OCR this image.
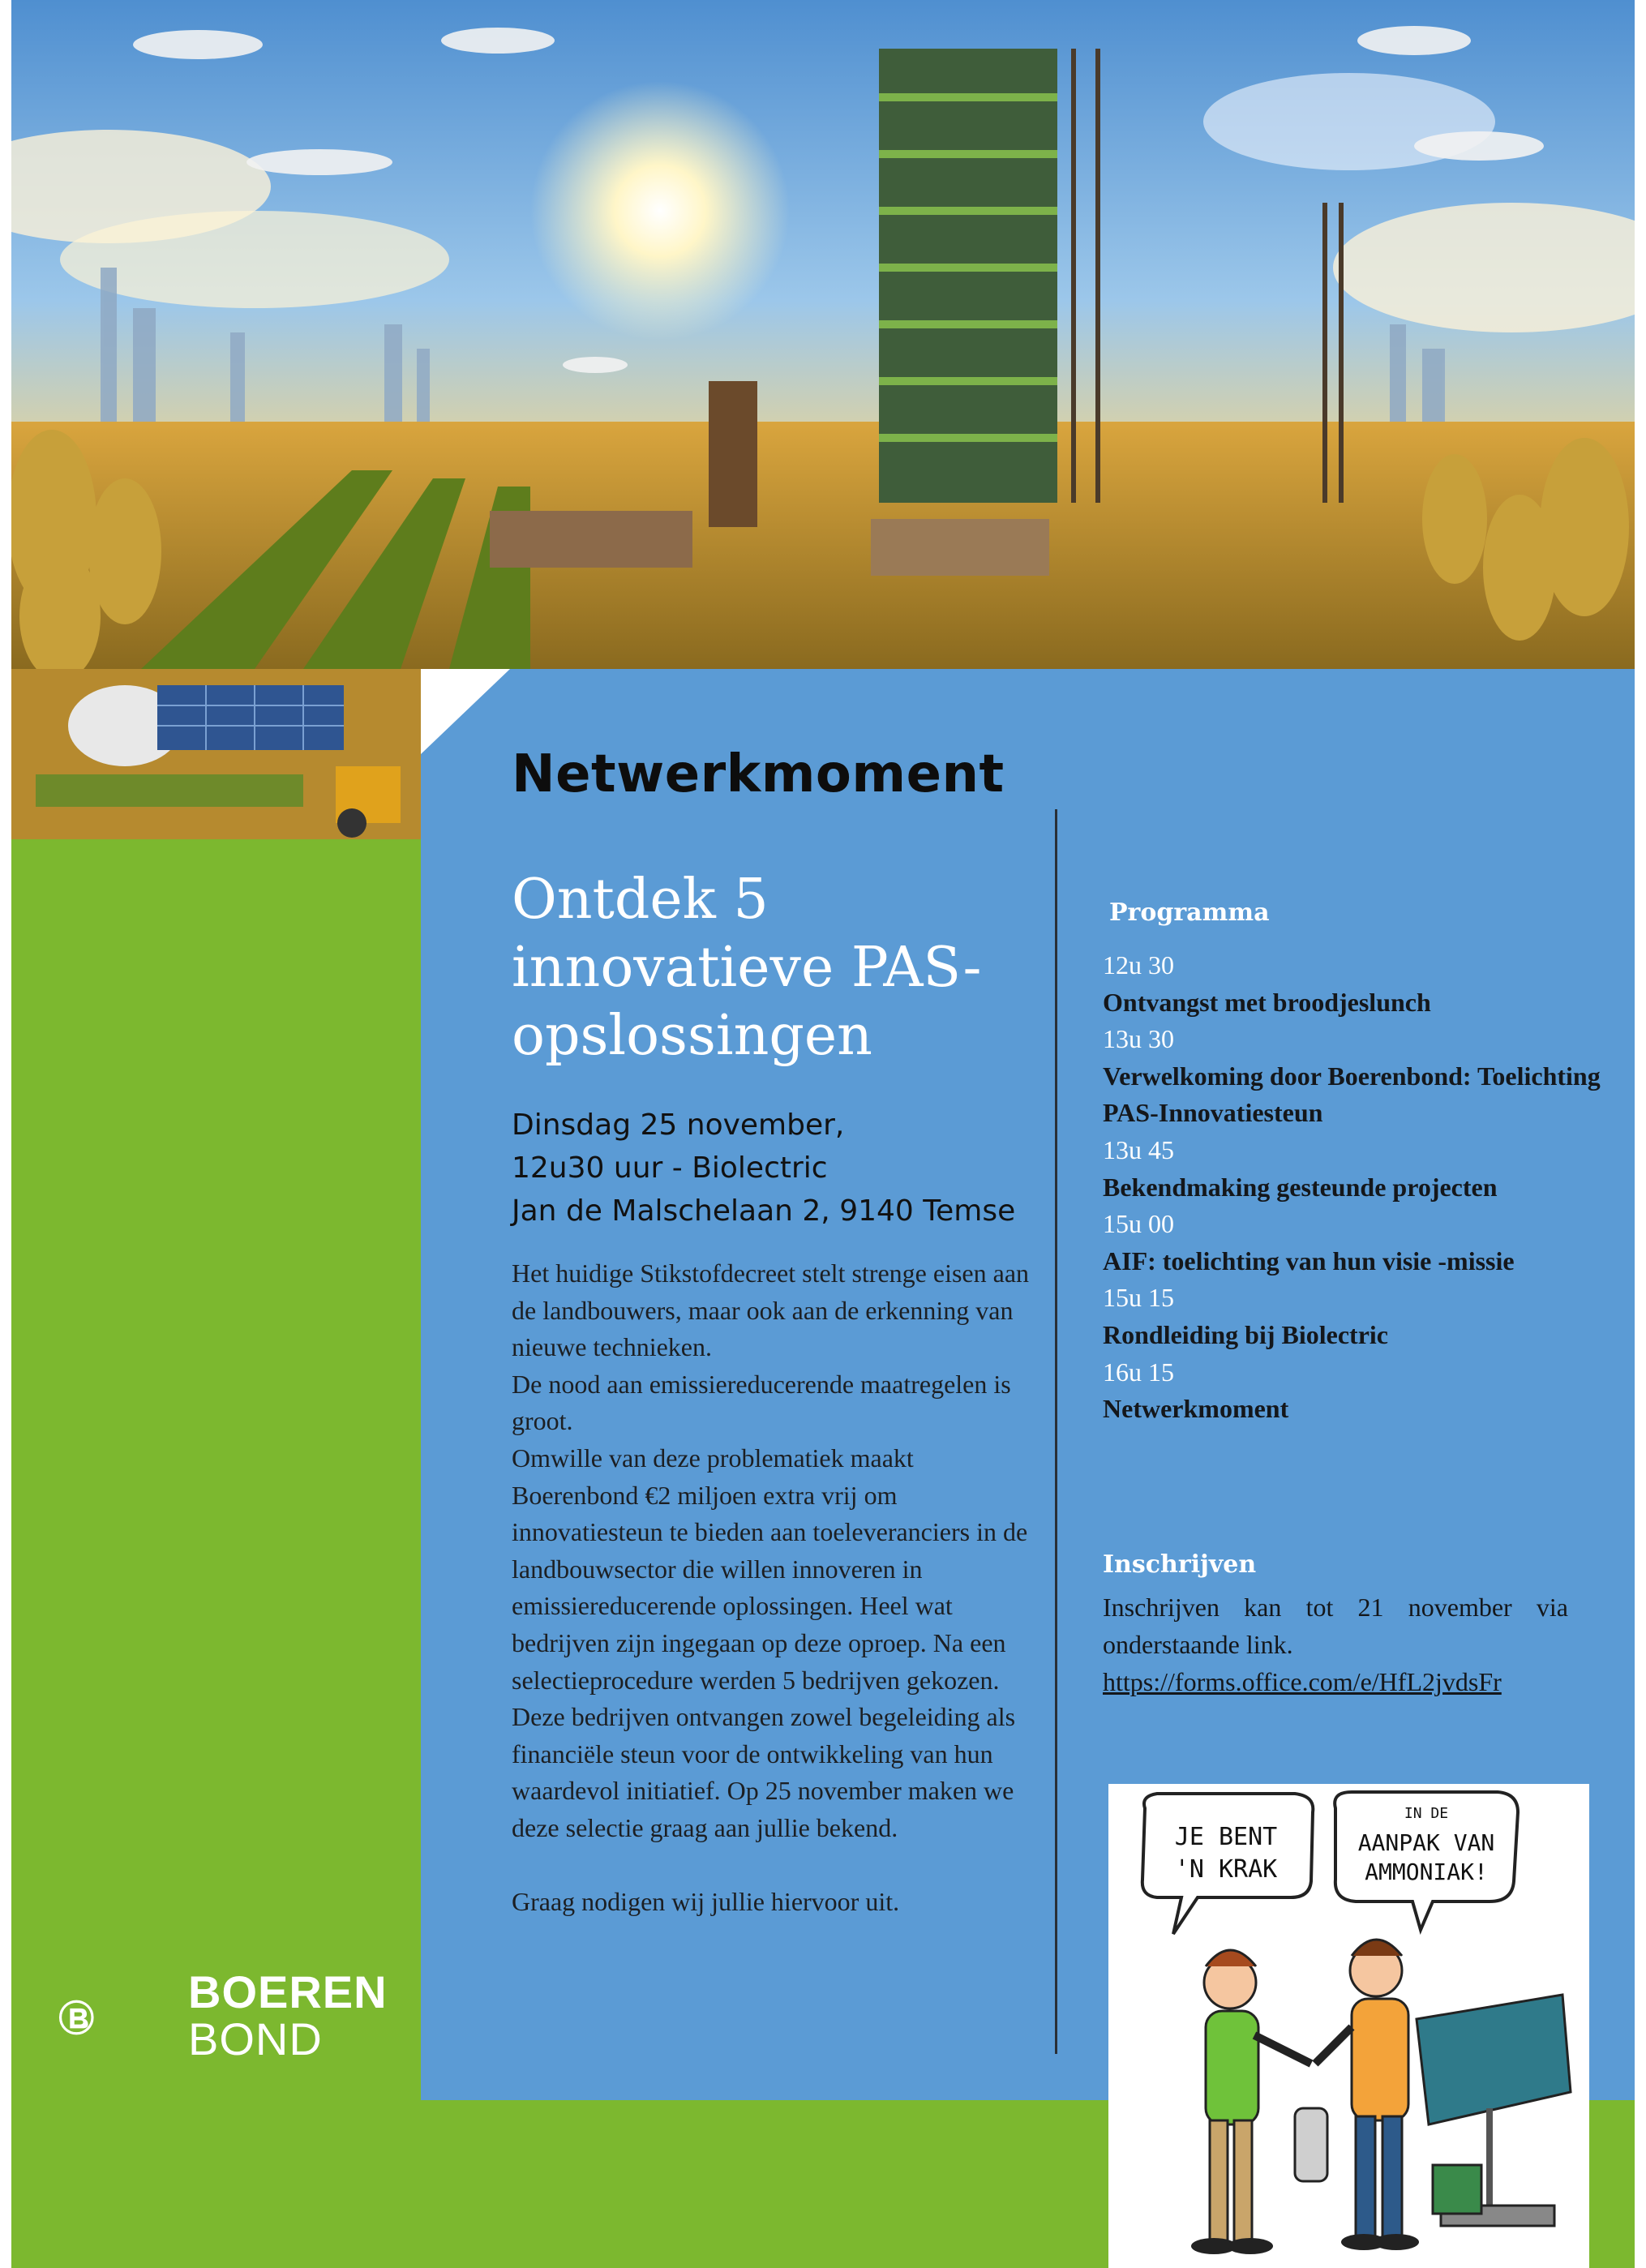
Netwerkmoment
Ontdek 5 innovatieve PAS-opslossingen
Dinsdag 25 november,
12u30 uur - Biolectric
Jan de Malschelaan 2, 9140 Temse

Het huidige Stikstofdecreet stelt strenge eisen aan de landbouwers, maar ook aan de erkenning van nieuwe technieken.

De nood aan emissiereducerende maatregelen is groot.

Omwille van deze problematiek maakt Boerenbond €2 miljoen extra vrij om innovatiesteun te bieden aan toeleveranciers in de landbouwsector die willen innoveren in emissiereducerende oplossingen. Heel wat bedrijven zijn ingegaan op deze oproep. Na een selectieprocedure werden 5 bedrijven gekozen. Deze bedrijven ontvangen zowel begeleiding als financiële steun voor de ontwikkeling van hun waardevol initiatief. Op 25 november maken we deze selectie graag aan jullie bekend.

Graag nodigen wij jullie hiervoor uit.

Programma
12u 30
Ontvangst met broodjeslunch
13u 30
Verwelkoming door Boerenbond: Toelichting PAS-Innovatiesteun
13u 45
Bekendmaking gesteunde projecten
15u 00
AIF: toelichting van hun visie -missie
15u 15
Rondleiding bij Biolectric
16u 15
Netwerkmoment
Inschrijven
Inschrijven kan tot 21 november via onderstaande link.
https://forms.office.com/e/HfL2jvdsFr
JE BENT
'N KRAK
IN DE
AANPAK VAN
AMMONIAK!
BOEREN
BOND
